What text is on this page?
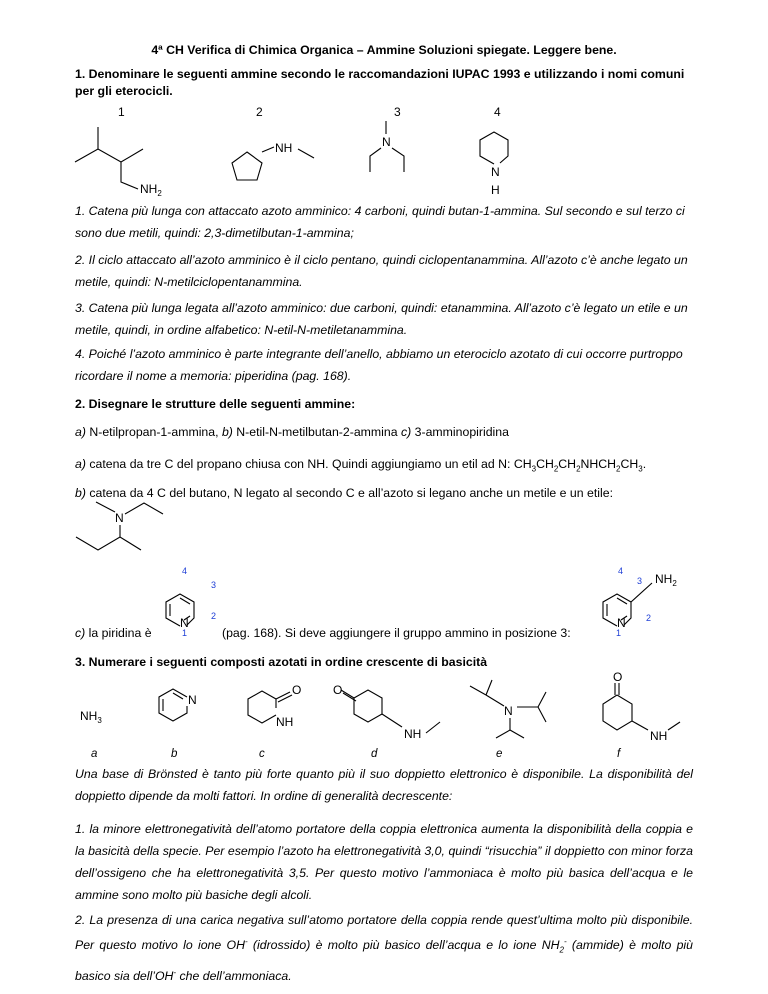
4ª CH Verifica di Chimica Organica – Ammine Soluzioni spiegate. Leggere bene.
1. Denominare le seguenti ammine secondo le raccomandazioni IUPAC 1993 e utilizzando i nomi comuni per gli eterocicli.
1	2	3	4
$NH_2$
NH	N
N
H
1. Catena più lunga con attaccato azoto amminico: 4 carboni, quindi butan-1-ammina. Sul secondo e sul terzo ci sono due metili, quindi: 2,3-dimetilbutan-1-ammina;
2. Il ciclo attaccato all’azoto amminico è il ciclo pentano, quindi ciclopentanammina. All’azoto c’è anche legato un metile, quindi: N-metilciclopentanammina.
3. Catena più lunga legata all’azoto amminico: due carboni, quindi: etanammina. All’azoto c’è legato un etile e un metile, quindi, in ordine alfabetico: N-etil-N-metiletanammina.
4. Poiché l’azoto amminico è parte integrante dell’anello, abbiamo un eterociclo azotato di cui occorre purtroppo ricordare il nome a memoria: piperidina (pag. 168).
2. Disegnare le strutture delle seguenti ammine:
a) N-etilpropan-1-ammina, b) N-etil-N-metilbutan-2-ammina c) 3-amminopiridina
a) catena da tre C del propano chiusa con NH. Quindi aggiungiamo un etil ad N: $CH_3CH_2CH_2NHCH_2CH_3$.
b) catena da 4 C del butano, N legato al secondo C e all’azoto si legano anche un metile e un etile:
N
N
4
3
2
1
N
$NH_2$
4
3
2
1
c) la piridina è	(pag. 168). Si deve aggiungere il gruppo ammino in posizione 3:
3. Numerare i seguenti composti azotati in ordine crescente di basicità
$NH_3$
N
O
NH
O
NH
N
O
NH
a	b	c	d	e	f
Una base di Brönsted è tanto più forte quanto più il suo doppietto elettronico è disponibile. La disponibilità del doppietto dipende da molti fattori. In ordine di generalità decrescente:
1. la minore elettronegatività dell’atomo portatore della coppia elettronica aumenta la disponibilità della coppia e la basicità della specie. Per esempio l’azoto ha elettronegatività 3,0, quindi “risucchia” il doppietto con minor forza dell’ossigeno che ha elettronegatività 3,5. Per questo motivo l’ammoniaca è molto più basica dell’acqua e le ammine sono molto più basiche degli alcoli.
2. La presenza di una carica negativa sull’atomo portatore della coppia rende quest’ultima molto più disponibile. Per questo motivo lo ione OH- (idrossido) è molto più basico dell’acqua e lo ione $NH_2^-$ (ammide) è molto più basico sia dell’OH- che dell’ammoniaca.
